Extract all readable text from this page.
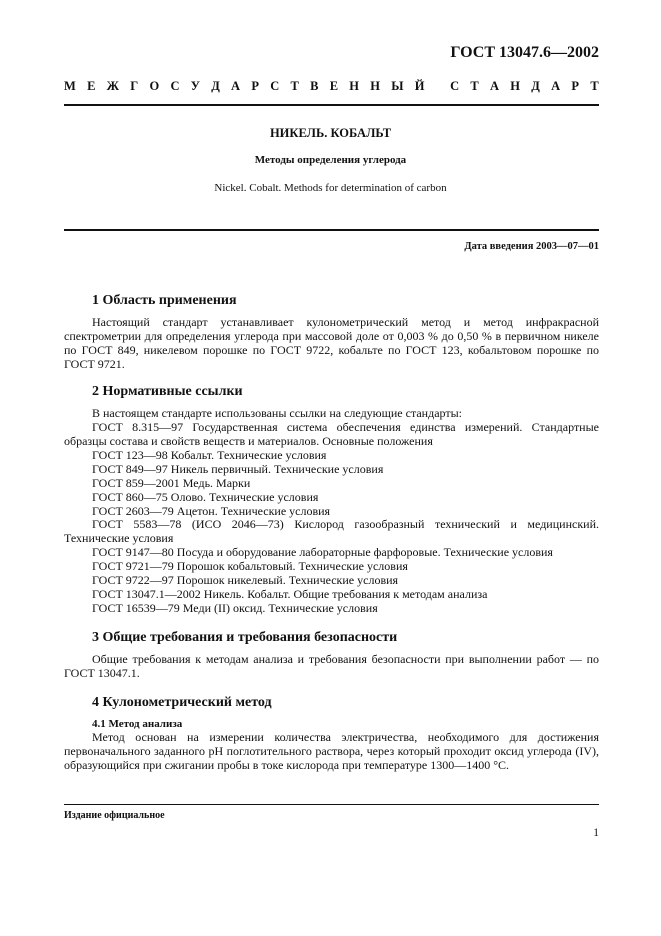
ГОСТ 13047.6—2002
М Е Ж Г О С У Д А Р С Т В Е Н Н Ы Й
С Т А Н Д А Р Т
НИКЕЛЬ. КОБАЛЬТ
Методы определения углерода
Nickel. Cobalt. Methods for determination of carbon
Дата введения 2003—07—01
1 Область применения
Настоящий стандарт устанавливает кулонометрический метод и метод инфракрасной спектрометрии для определения углерода при массовой доле от 0,003 % до 0,50 % в первичном никеле по ГОСТ 849, никелевом порошке по ГОСТ 9722, кобальте по ГОСТ 123, кобальтовом порошке по ГОСТ 9721.
2 Нормативные ссылки
В настоящем стандарте использованы ссылки на следующие стандарты:
ГОСТ 8.315—97 Государственная система обеспечения единства измерений. Стандартные образцы состава и свойств веществ и материалов. Основные положения
ГОСТ 123—98 Кобальт. Технические условия
ГОСТ 849—97 Никель первичный. Технические условия
ГОСТ 859—2001 Медь. Марки
ГОСТ 860—75 Олово. Технические условия
ГОСТ 2603—79 Ацетон. Технические условия
ГОСТ 5583—78 (ИСО 2046—73) Кислород газообразный технический и медицинский. Технические условия
ГОСТ 9147—80 Посуда и оборудование лабораторные фарфоровые. Технические условия
ГОСТ 9721—79 Порошок кобальтовый. Технические условия
ГОСТ 9722—97 Порошок никелевый. Технические условия
ГОСТ 13047.1—2002 Никель. Кобальт. Общие требования к методам анализа
ГОСТ 16539—79 Меди (II) оксид. Технические условия
3 Общие требования и требования безопасности
Общие требования к методам анализа и требования безопасности при выполнении работ — по ГОСТ 13047.1.
4 Кулонометрический метод
4.1 Метод анализа
Метод основан на измерении количества электричества, необходимого для достижения первоначального заданного рН поглотительного раствора, через который проходит оксид углерода (IV), образующийся при сжигании пробы в токе кислорода при температуре 1300—1400 °С.
Издание официальное
1
